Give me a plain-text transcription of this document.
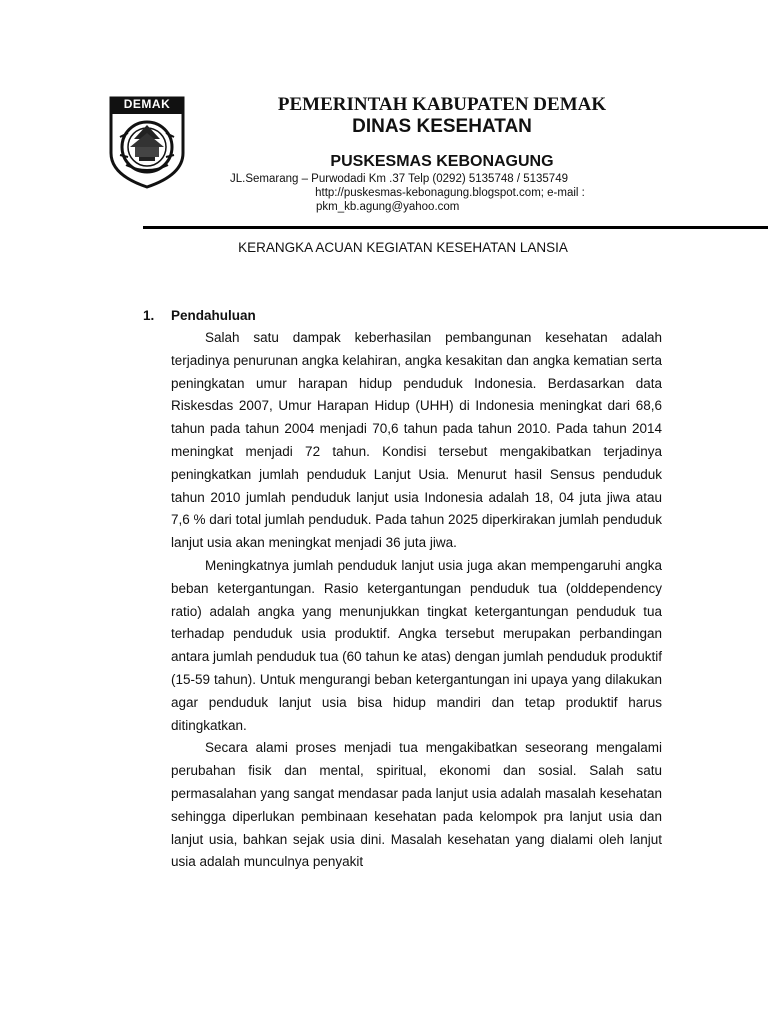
DEMAK	PEMERINTAH KABUPATEN DEMAK
DINAS KESEHATAN
PUSKESMAS KEBONAGUNG
JL.Semarang – Purwodadi Km .37 Telp (0292) 5135748 / 5135749
http://puskesmas-kebonagung.blogspot.com; e-mail :
pkm_kb.agung@yahoo.com
KERANGKA ACUAN KEGIATAN KESEHATAN LANSIA
1. Pendahuluan

Salah satu dampak keberhasilan pembangunan kesehatan adalah terjadinya penurunan angka kelahiran, angka kesakitan dan angka kematian serta peningkatan umur harapan hidup penduduk Indonesia. Berdasarkan data Riskesdas 2007, Umur Harapan Hidup (UHH) di Indonesia meningkat dari 68,6 tahun pada tahun 2004 menjadi 70,6 tahun pada tahun 2010. Pada tahun 2014 meningkat menjadi 72 tahun. Kondisi tersebut mengakibatkan terjadinya peningkatkan jumlah penduduk Lanjut Usia. Menurut hasil Sensus penduduk tahun 2010 jumlah penduduk lanjut usia Indonesia adalah 18, 04 juta jiwa atau 7,6 % dari total jumlah penduduk. Pada tahun 2025 diperkirakan jumlah penduduk lanjut usia akan meningkat menjadi 36 juta jiwa.

Meningkatnya jumlah penduduk lanjut usia juga akan mempengaruhi angka beban ketergantungan. Rasio ketergantungan penduduk tua (olddependency ratio) adalah angka yang menunjukkan tingkat ketergantungan penduduk tua terhadap penduduk usia produktif. Angka tersebut merupakan perbandingan antara jumlah penduduk tua (60 tahun ke atas) dengan jumlah penduduk produktif (15-59 tahun). Untuk mengurangi beban ketergantungan ini upaya yang dilakukan agar penduduk lanjut usia bisa hidup mandiri dan tetap produktif harus ditingkatkan.

Secara alami proses menjadi tua mengakibatkan seseorang mengalami perubahan fisik dan mental, spiritual, ekonomi dan sosial. Salah satu permasalahan yang sangat mendasar pada lanjut usia adalah masalah kesehatan sehingga diperlukan pembinaan kesehatan pada kelompok pra lanjut usia dan lanjut usia, bahkan sejak usia dini. Masalah kesehatan yang dialami oleh lanjut usia adalah munculnya penyakit
